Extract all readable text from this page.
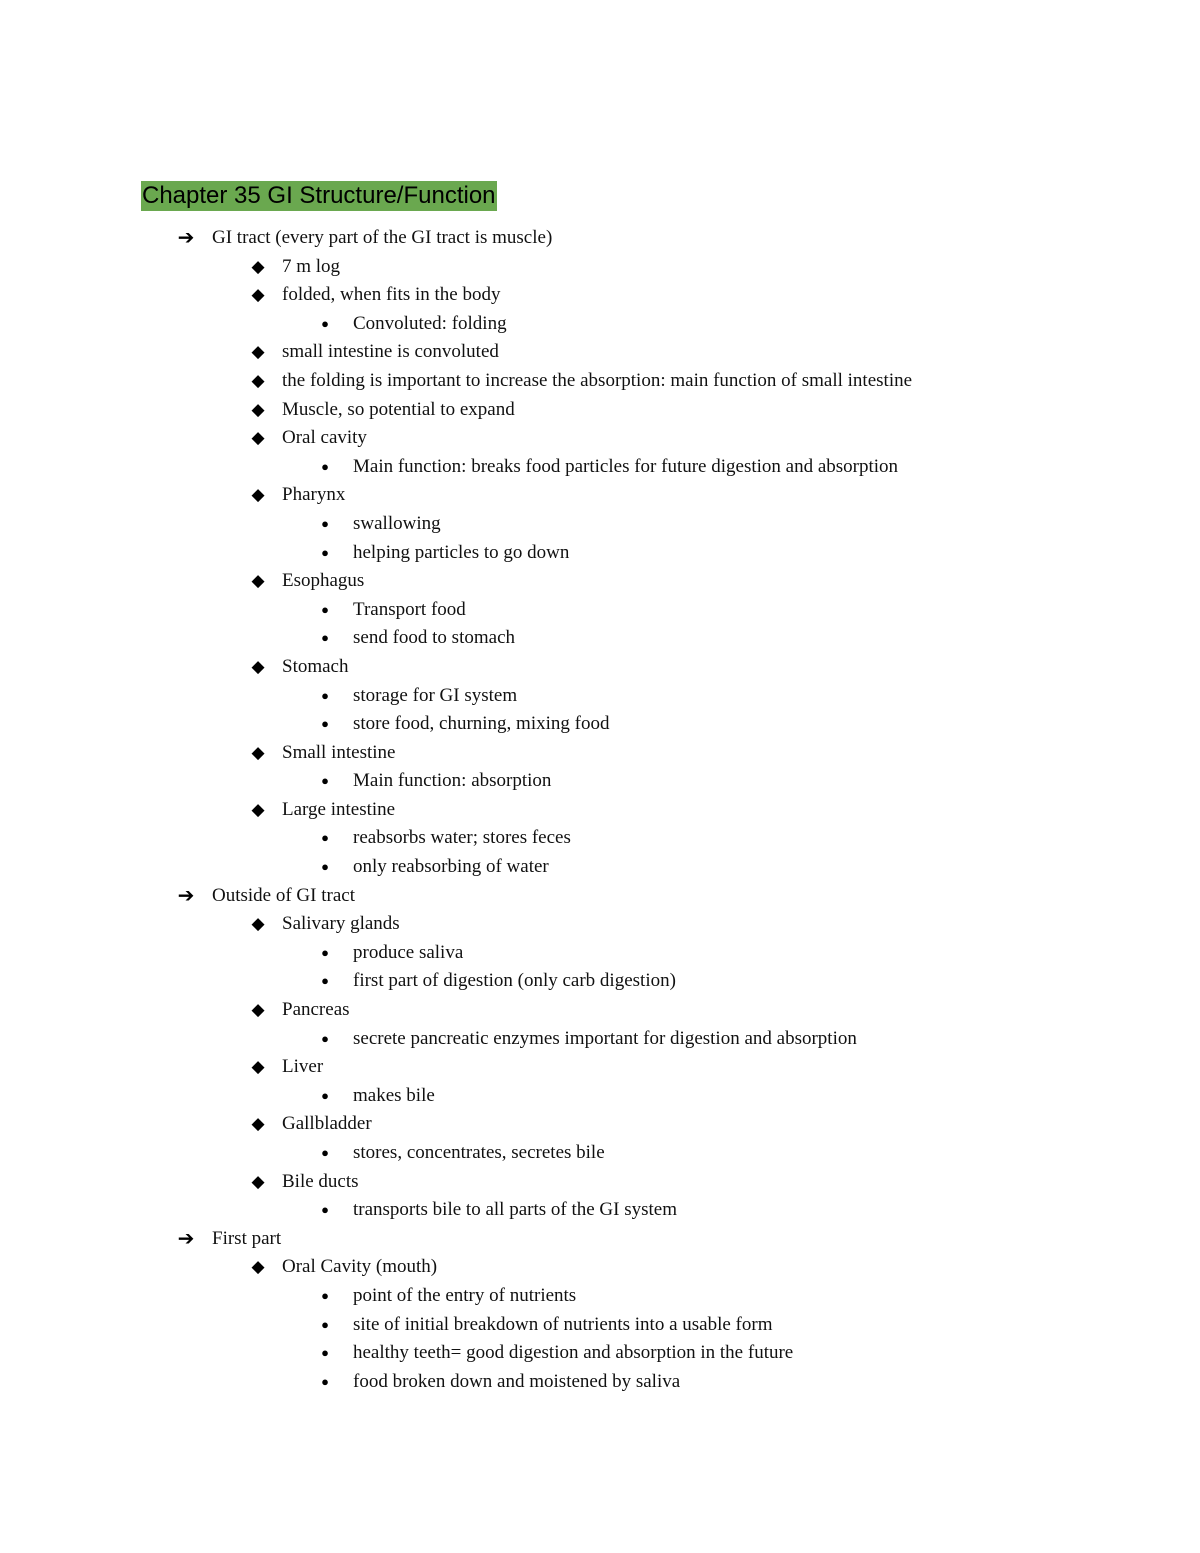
Chapter 35 GI Structure/Function
➔ GI tract (every part of the GI tract is muscle)
◆ 7 m log
◆ folded, when fits in the body
●	Convoluted: folding
◆ small intestine is convoluted
◆ the folding is important to increase the absorption: main function of small intestine
◆ Muscle, so potential to expand
◆ Oral cavity
●	Main function: breaks food particles for future digestion and absorption
◆ Pharynx
●	swallowing
●	helping particles to go down
◆ Esophagus
●	Transport food
●	send food to stomach
◆ Stomach
●	storage for GI system
●	store food, churning, mixing food
◆ Small intestine
●	Main function: absorption
◆ Large intestine
●	reabsorbs water; stores feces
●	only reabsorbing of water
➔ Outside of GI tract
◆ Salivary glands
●	produce saliva
●	first part of digestion (only carb digestion)
◆ Pancreas
●	secrete pancreatic enzymes important for digestion and absorption
◆ Liver
●	makes bile
◆ Gallbladder
●	stores, concentrates, secretes bile
◆ Bile ducts
●	transports bile to all parts of the GI system
➔ First part
◆ Oral Cavity (mouth)
●	point of the entry of nutrients
●	site of initial breakdown of nutrients into a usable form
●	healthy teeth= good digestion and absorption in the future
●	food broken down and moistened by saliva
